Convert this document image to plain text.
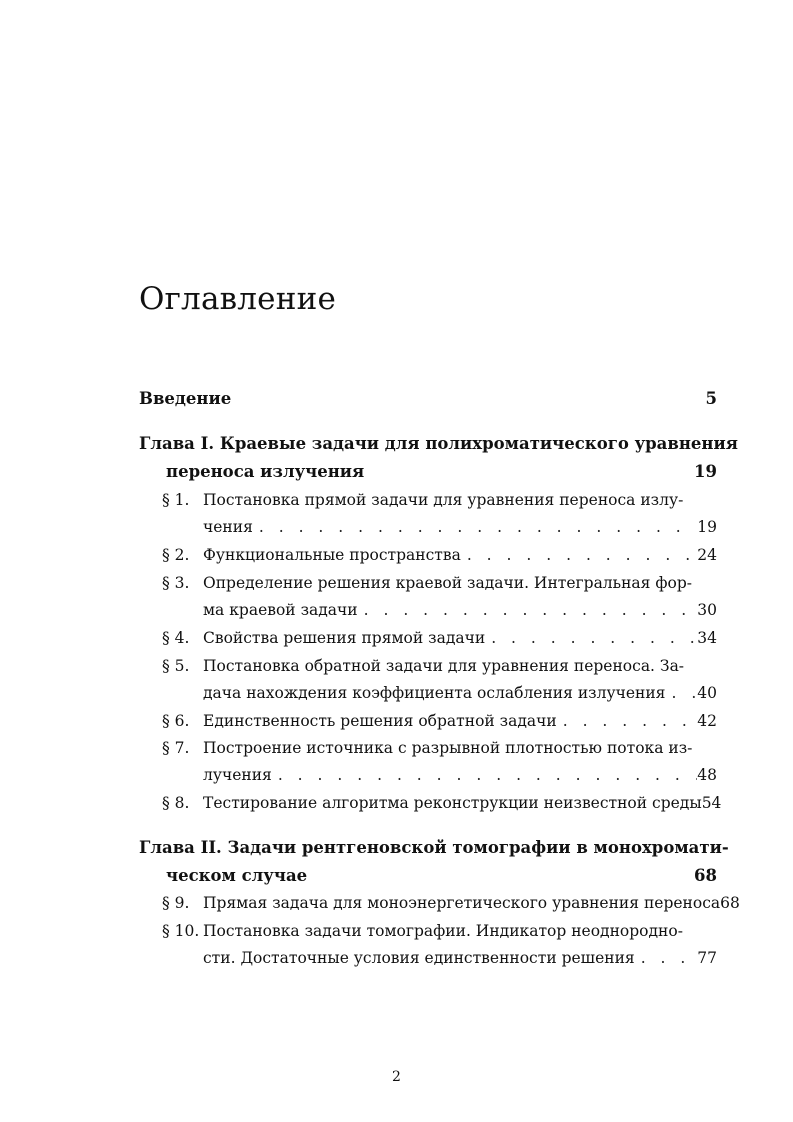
Оглавление
Введение	5
Глава I. Краевые задачи для полихроматического уравнения
переноса излучения	19
§ 1. Постановка прямой задачи для уравнения переноса излу-
чения . . .	19
§ 2. Функциональные пространства . . .	24
§ 3. Определение решения краевой задачи. Интегральная фор-
ма краевой задачи . . .	30
§ 4. Свойства решения прямой задачи . . .	34
§ 5. Постановка обратной задачи для уравнения переноса. За-
дача нахождения коэффициента ослабления излучения . . . 40
§ 6. Единственность решения обратной задачи . . .	42
§ 7. Построение источника с разрывной плотностью потока из-
лучения . . .	48
§ 8. Тестирование алгоритма реконструкции неизвестной среды 54
Глава II. Задачи рентгеновской томографии в монохромати-
ческом случае	68
§ 9. Прямая задача для моноэнергетического уравнения переноса 68
§ 10. Постановка задачи томографии. Индикатор неоднородно-
сти. Достаточные условия единственности решения . . .	77
2
